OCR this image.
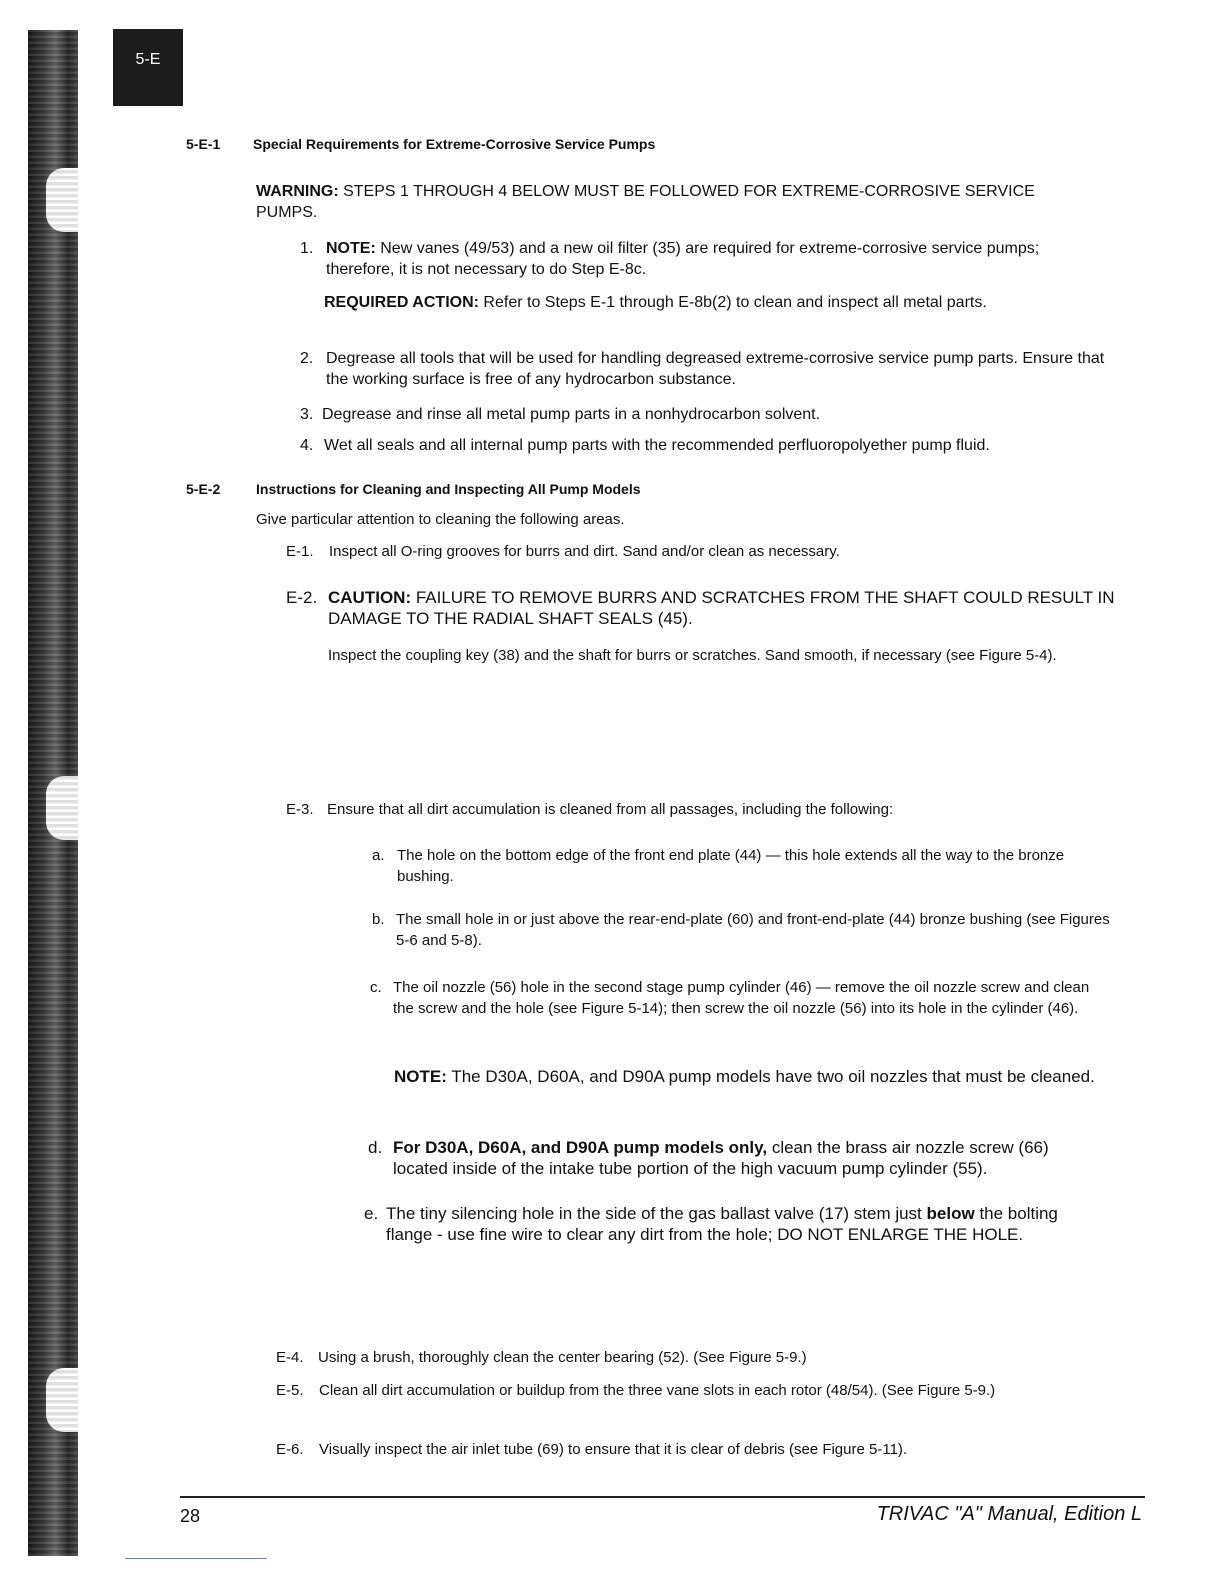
5-E
5-E-1 Special Requirements for Extreme-Corrosive Service Pumps
WARNING: STEPS 1 THROUGH 4 BELOW MUST BE FOLLOWED FOR EXTREME-CORROSIVE SERVICE PUMPS.
1. NOTE: New vanes (49/53) and a new oil filter (35) are required for extreme-corrosive service pumps; therefore, it is not necessary to do Step E-8c.
REQUIRED ACTION: Refer to Steps E-1 through E-8b(2) to clean and inspect all metal parts.
2. Degrease all tools that will be used for handling degreased extreme-corrosive service pump parts. Ensure that the working surface is free of any hydrocarbon substance.
3. Degrease and rinse all metal pump parts in a nonhydrocarbon solvent.
4. Wet all seals and all internal pump parts with the recommended perfluoropolyether pump fluid.
5-E-2	Instructions for Cleaning and Inspecting All Pump Models
Give particular attention to cleaning the following areas.
E-1.	Inspect all O-ring grooves for burrs and dirt. Sand and/or clean as necessary.
E-2. CAUTION: FAILURE TO REMOVE BURRS AND SCRATCHES FROM THE SHAFT COULD RESULT IN DAMAGE TO THE RADIAL SHAFT SEALS (45).
Inspect the coupling key (38) and the shaft for burrs or scratches. Sand smooth, if necessary (see Figure 5-4).
E-3. Ensure that all dirt accumulation is cleaned from all passages, including the following:
a. The hole on the bottom edge of the front end plate (44) — this hole extends all the way to the bronze bushing.
b. The small hole in or just above the rear-end-plate (60) and front-end-plate (44) bronze bushing (see Figures 5-6 and 5-8).
c. The oil nozzle (56) hole in the second stage pump cylinder (46) — remove the oil nozzle screw and clean the screw and the hole (see Figure 5-14); then screw the oil nozzle (56) into its hole in the cylinder (46).
NOTE: The D30A, D60A, and D90A pump models have two oil nozzles that must be cleaned.
d. For D30A, D60A, and D90A pump models only, clean the brass air nozzle screw (66) located inside of the intake tube portion of the high vacuum pump cylinder (55).
e. The tiny silencing hole in the side of the gas ballast valve (17) stem just below the bolting flange - use fine wire to clear any dirt from the hole; DO NOT ENLARGE THE HOLE.
E-4. Using a brush, thoroughly clean the center bearing (52). (See Figure 5-9.)
E-5.	Clean all dirt accumulation or buildup from the three vane slots in each rotor (48/54). (See Figure 5-9.)
E-6.	Visually inspect the air inlet tube (69) to ensure that it is clear of debris (see Figure 5-11).
28	TRIVAC "A" Manual, Edition L
